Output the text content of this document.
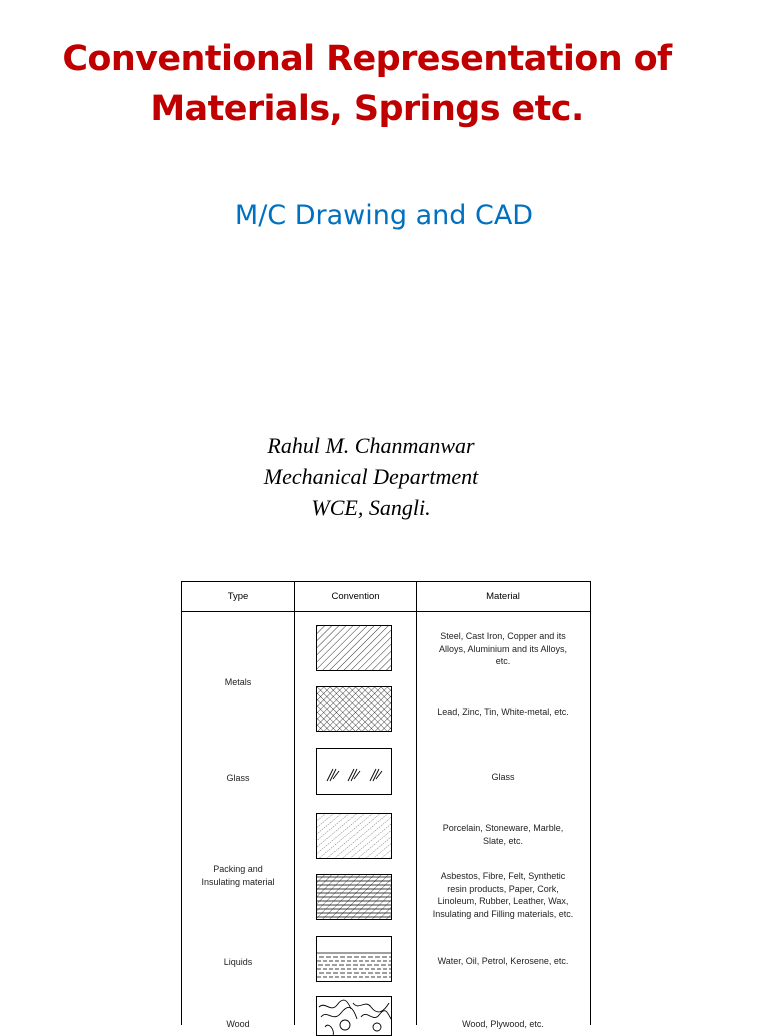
Conventional Representation of
Materials, Springs etc.
M/C Drawing and CAD
Rahul M. Chanmanwar
Mechanical Department
WCE, Sangli.
Type	Convention	Material
Metals
Glass
Packing and
Insulating material
Liquids
Wood
Steel, Cast Iron, Copper and its
Alloys, Aluminium and its Alloys,
etc.
Lead, Zinc, Tin, White-metal, etc.
Glass
Porcelain, Stoneware, Marble,
Slate, etc.
Asbestos, Fibre, Felt, Synthetic
resin products, Paper, Cork,
Linoleum, Rubber, Leather, Wax,
Insulating and Filling materials, etc.
Water, Oil, Petrol, Kerosene, etc.
Wood, Plywood, etc.
